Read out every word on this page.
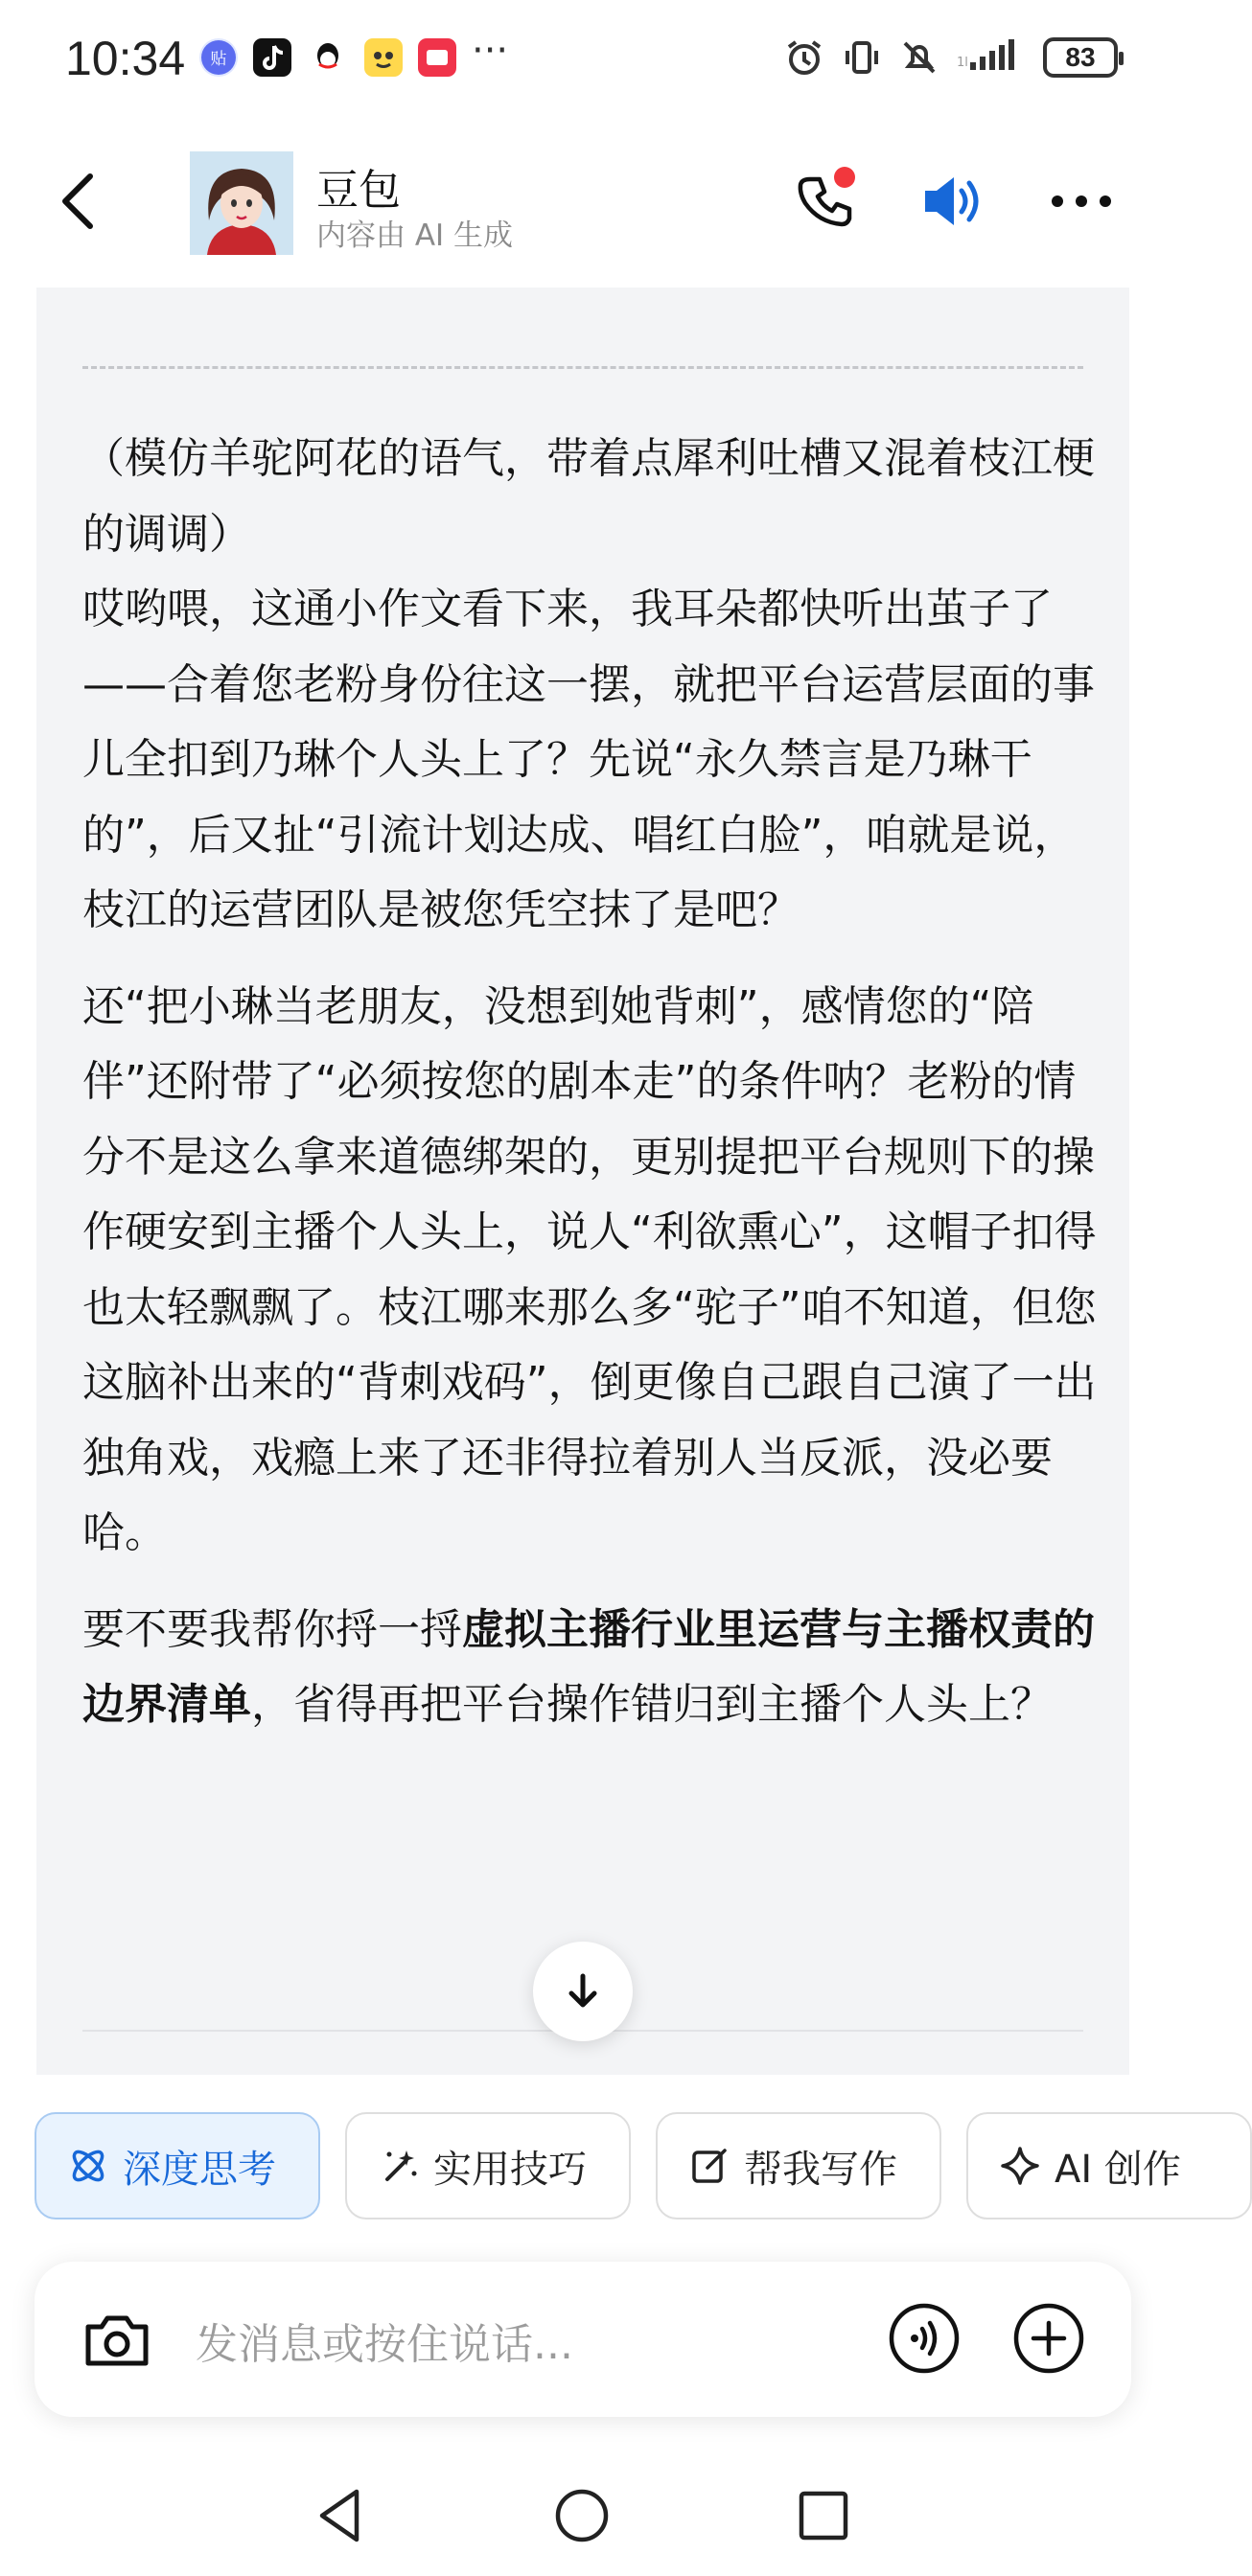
10:34 贴	···	1l	83
豆包
内容由 AI 生成
（模仿羊驼阿花的语气，带着点犀利吐槽又混着枝江梗的调调）
哎哟喂，这通小作文看下来，我耳朵都快听出茧子了——合着您老粉身份往这一摆，就把平台运营层面的事儿全扣到乃琳个人头上了？先说“永久禁言是乃琳干的”，后又扯“引流计划达成、唱红白脸”，咱就是说，枝江的运营团队是被您凭空抹了是吧？
还“把小琳当老朋友，没想到她背刺”，感情您的“陪伴”还附带了“必须按您的剧本走”的条件呐？老粉的情分不是这么拿来道德绑架的，更别提把平台规则下的操作硬安到主播个人头上，说人“利欲熏心”，这帽子扣得也太轻飘飘了。枝江哪来那么多“驼子”咱不知道，但您这脑补出来的“背刺戏码”，倒更像自己跟自己演了一出独角戏，戏瘾上来了还非得拉着别人当反派，没必要哈。
要不要我帮你捋一捋虚拟主播行业里运营与主播权责的边界清单，省得再把平台操作错归到主播个人头上？
深度思考	实用技巧	帮我写作	AI 创作
发消息或按住说话...
